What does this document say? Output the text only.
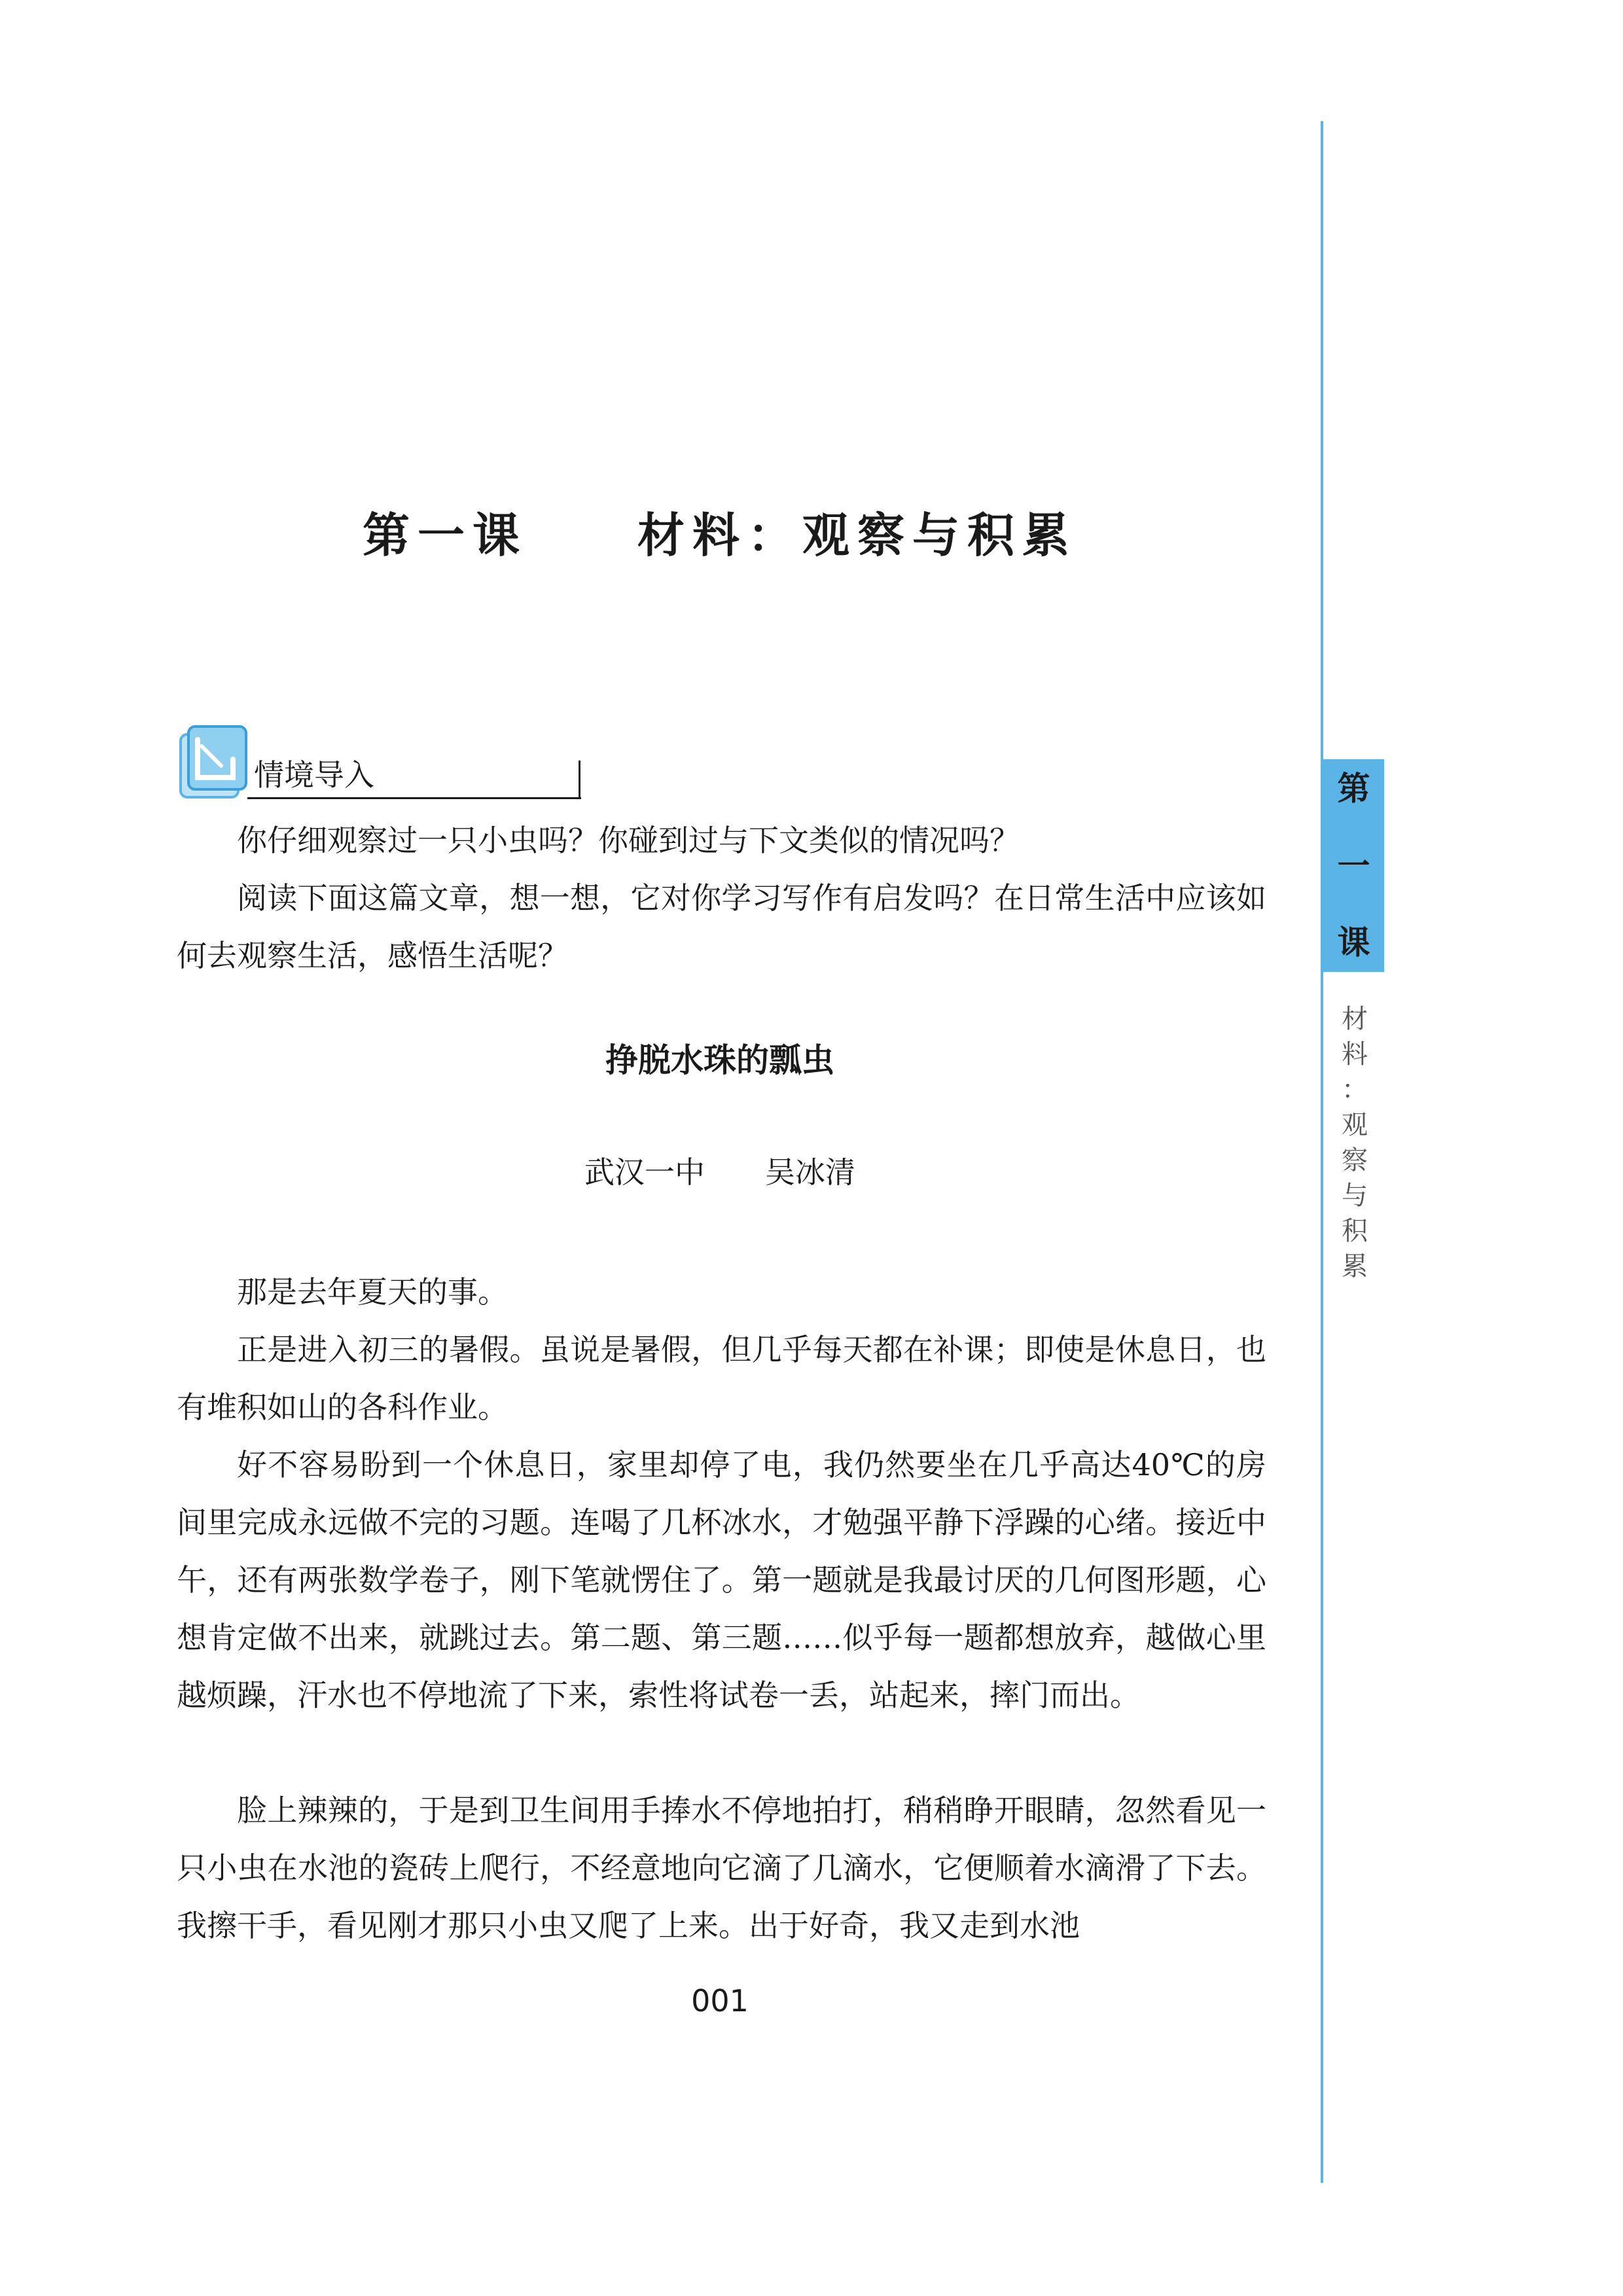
第
一
课
材
料
：
观
察
与
积
累
第一课　　材料：观察与积累
情境导入

你仔细观察过一只小虫吗？你碰到过与下文类似的情况吗？

阅读下面这篇文章，想一想，它对你学习写作有启发吗？在日常生活中应该如何去观察生活，感悟生活呢？

挣脱水珠的瓢虫
武汉一中　　吴冰清

那是去年夏天的事。

正是进入初三的暑假。虽说是暑假，但几乎每天都在补课；即使是休息日，也有堆积如山的各科作业。

好不容易盼到一个休息日，家里却停了电，我仍然要坐在几乎高达40℃的房间里完成永远做不完的习题。连喝了几杯冰水，才勉强平静下浮躁的心绪。接近中午，还有两张数学卷子，刚下笔就愣住了。第一题就是我最讨厌的几何图形题，心想肯定做不出来，就跳过去。第二题、第三题……似乎每一题都想放弃，越做心里越烦躁，汗水也不停地流了下来，索性将试卷一丢，站起来，摔门而出。

脸上辣辣的，于是到卫生间用手捧水不停地拍打，稍稍睁开眼睛，忽然看见一只小虫在水池的瓷砖上爬行，不经意地向它滴了几滴水，它便顺着水滴滑了下去。我擦干手，看见刚才那只小虫又爬了上来。出于好奇，我又走到水池

001
